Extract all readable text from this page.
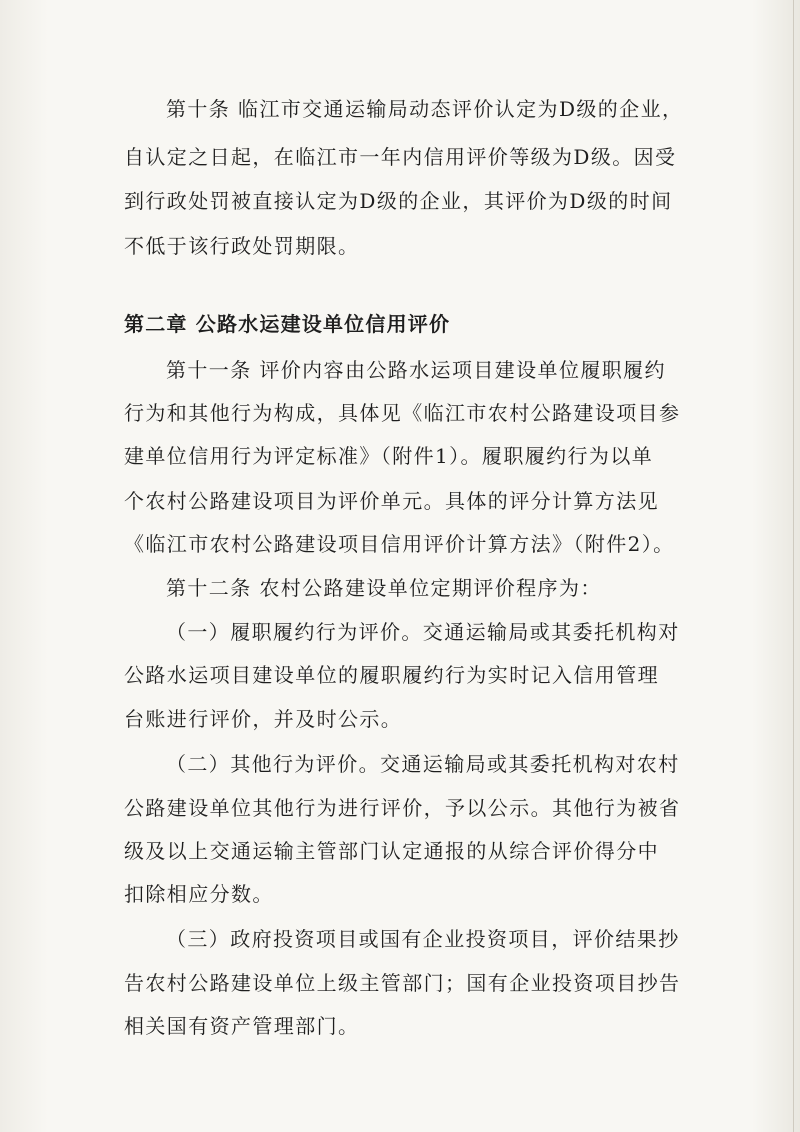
第十条 临江市交通运输局动态评价认定为D级的企业，
自认定之日起，在临江市一年内信用评价等级为D级。因受
到行政处罚被直接认定为D级的企业，其评价为D级的时间
不低于该行政处罚期限。
第二章 公路水运建设单位信用评价
第十一条 评价内容由公路水运项目建设单位履职履约
行为和其他行为构成，具体见《临江市农村公路建设项目参
建单位信用行为评定标准》（附件1）。履职履约行为以单
个农村公路建设项目为评价单元。具体的评分计算方法见
《临江市农村公路建设项目信用评价计算方法》（附件2）。
第十二条 农村公路建设单位定期评价程序为：
（一）履职履约行为评价。交通运输局或其委托机构对
公路水运项目建设单位的履职履约行为实时记入信用管理
台账进行评价，并及时公示。
（二）其他行为评价。交通运输局或其委托机构对农村
公路建设单位其他行为进行评价，予以公示。其他行为被省
级及以上交通运输主管部门认定通报的从综合评价得分中
扣除相应分数。
（三）政府投资项目或国有企业投资项目，评价结果抄
告农村公路建设单位上级主管部门；国有企业投资项目抄告
相关国有资产管理部门。
